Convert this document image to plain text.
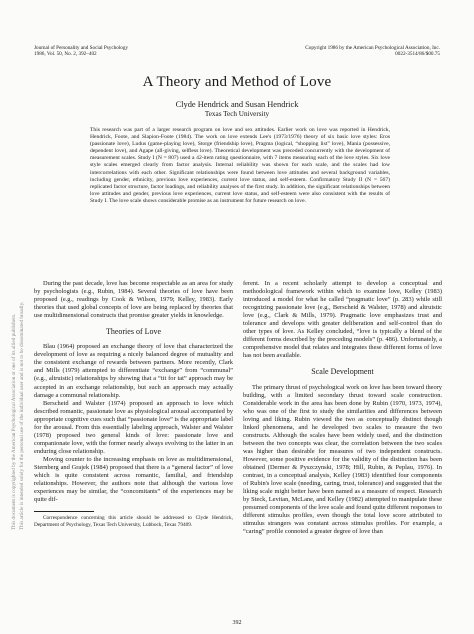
Journal of Personality and Social Psychology
1986, Vol. 50, No. 2, 392–402
Copyright 1986 by the American Psychological Association, Inc.
0022-3514/86/$00.75
A Theory and Method of Love
Clyde Hendrick and Susan Hendrick
Texas Tech University
This research was part of a larger research program on love and sex attitudes. Earlier work on love was reported in Hendrick, Hendrick, Foote, and Slapion-Foote (1984). The work on love extends Lee's (1973/1976) theory of six basic love styles: Eros (passionate love), Ludus (game-playing love), Storge (friendship love), Pragma (logical, “shopping list” love), Mania (possessive, dependent love), and Agape (all-giving, selfless love). Theoretical development was preceded concurrently with the development of measurement scales. Study I (N = 807) used a 42-item rating questionnaire, with 7 items measuring each of the love styles. Six love style scales emerged clearly from factor analysis. Internal reliability was shown for each scale, and the scales had low intercorrelations with each other. Significant relationships were found between love attitudes and several background variables, including gender, ethnicity, previous love experiences, current love status, and self-esteem. Confirmatory Study II (N = 567) replicated factor structure, factor loadings, and reliability analyses of the first study. In addition, the significant relationships between love attitudes and gender, previous love experiences, current love status, and self-esteem were also consistent with the results of Study I. The love scale shows considerable promise as an instrument for future research on love.
This document is copyrighted by the American Psychological Association or one of its allied publishers. This article is intended solely for the personal use of the individual user and is not to be disseminated broadly.

During the past decade, love has become respectable as an area for study by psychologists (e.g., Rubin, 1984). Several theories of love have been proposed (e.g., readings by Cook & Wilson, 1979; Kelley, 1983). Early theories that used global concepts of love are being replaced by theories that use multidimensional constructs that promise greater yields in knowledge.

Theories of Love

Blau (1964) proposed an exchange theory of love that characterized the development of love as requiring a nicely balanced degree of mutuality and the consistent exchange of rewards between partners. More recently, Clark and Mills (1979) attempted to differentiate “exchange” from “communal” (e.g., altruistic) relationships by showing that a “tit for tat” approach may be accepted in an exchange relationship, but such an approach may actually damage a communal relationship.

Berscheid and Walster (1974) proposed an approach to love which described romantic, passionate love as physiological arousal accompanied by appropriate cognitive cues such that “passionate love” is the appropriate label for the arousal. From this essentially labeling approach, Walster and Walster (1978) proposed two general kinds of love: passionate love and companionate love, with the former nearly always evolving to the latter in an enduring close relationship.

Moving counter to the increasing emphasis on love as multidimensional, Sternberg and Grajek (1984) proposed that there is a “general factor” of love which is quite consistent across romantic, familial, and friendship relationships. However, the authors note that although the various love experiences may be similar, the “concomitants” of the experiences may be quite dif-

Correspondence concerning this article should be addressed to Clyde Hendrick, Department of Psychology, Texas Tech University, Lubbock, Texas 79409.

ferent. In a recent scholarly attempt to develop a conceptual and methodological framework within which to examine love, Kelley (1983) introduced a model for what he called “pragmatic love” (p. 283) while still recognizing passionate love (e.g., Berscheid & Walster, 1978) and altruistic love (e.g., Clark & Mills, 1979). Pragmatic love emphasizes trust and tolerance and develops with greater deliberation and self-control than do other types of love. As Kelley concluded, “love is typically a blend of the different forms described by the preceding models” (p. 486). Unfortunately, a comprehensive model that relates and integrates these different forms of love has not been available.

Scale Development

The primary thrust of psychological work on love has been toward theory building, with a limited secondary thrust toward scale construction. Considerable work in the area has been done by Rubin (1970, 1973, 1974), who was one of the first to study the similarities and differences between loving and liking. Rubin viewed the two as conceptually distinct though linked phenomena, and he developed two scales to measure the two constructs. Although the scales have been widely used, and the distinction between the two concepts was clear, the correlation between the two scales was higher than desirable for measures of two independent constructs. However, some positive evidence for the validity of the distinction has been obtained (Dermer & Pyszczynski, 1978; Hill, Rubin, & Peplau, 1976). In contrast, in a conceptual analysis, Kelley (1983) identified four components of Rubin's love scale (needing, caring, trust, tolerance) and suggested that the liking scale might better have been named as a measure of respect. Research by Steck, Levitan, McLane, and Kelley (1982) attempted to manipulate these presumed components of the love scale and found quite different responses to different stimulus profiles, even though the total love score attributed to stimulus strangers was constant across stimulus profiles. For example, a “caring” profile connoted a greater degree of love than

392
